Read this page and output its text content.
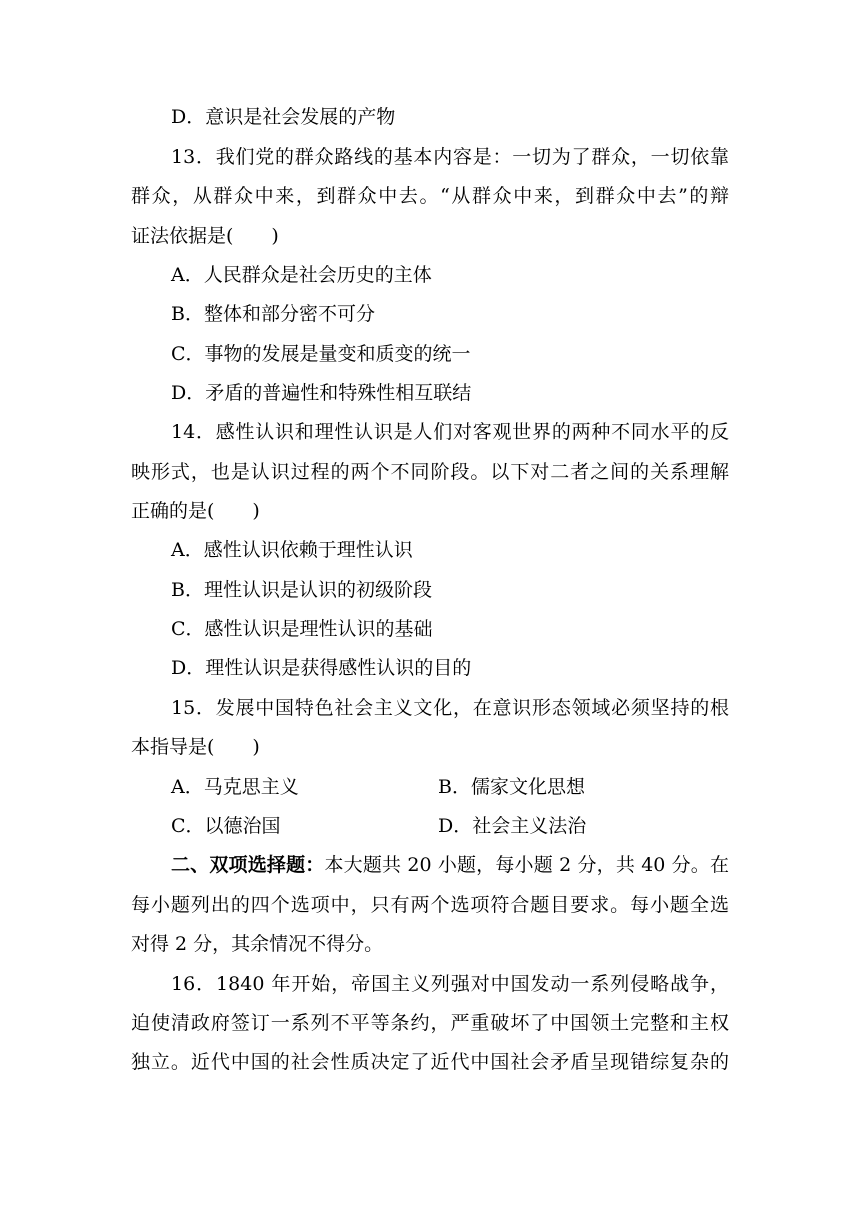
D．意识是社会发展的产物
13．我们党的群众路线的基本内容是：一切为了群众，一切依靠
群众，从群众中来，到群众中去。“从群众中来，到群众中去”的辩
证法依据是(　　)
A．人民群众是社会历史的主体
B．整体和部分密不可分
C．事物的发展是量变和质变的统一
D．矛盾的普遍性和特殊性相互联结
14．感性认识和理性认识是人们对客观世界的两种不同水平的反
映形式，也是认识过程的两个不同阶段。以下对二者之间的关系理解
正确的是(　　)
A．感性认识依赖于理性认识
B．理性认识是认识的初级阶段
C．感性认识是理性认识的基础
D．理性认识是获得感性认识的目的
15．发展中国特色社会主义文化，在意识形态领域必须坚持的根
本指导是(　　)
A．马克思主义	B．儒家文化思想
C．以德治国	D．社会主义法治
二、双项选择题：本大题共 20 小题，每小题 2 分，共 40 分。在
每小题列出的四个选项中，只有两个选项符合题目要求。每小题全选
对得 2 分，其余情况不得分。
16．1840 年开始，帝国主义列强对中国发动一系列侵略战争，
迫使清政府签订一系列不平等条约，严重破坏了中国领土完整和主权
独立。近代中国的社会性质决定了近代中国社会矛盾呈现错综复杂的
